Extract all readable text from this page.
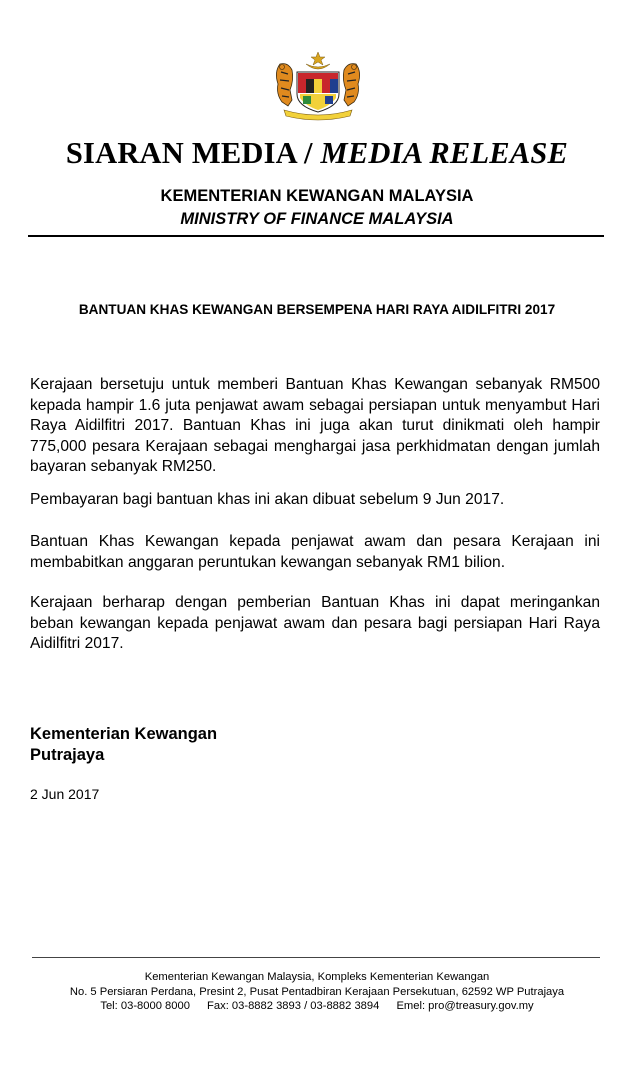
SIARAN MEDIA / MEDIA RELEASE
KEMENTERIAN KEWANGAN MALAYSIA
MINISTRY OF FINANCE MALAYSIA
BANTUAN KHAS KEWANGAN BERSEMPENA HARI RAYA AIDILFITRI 2017

Kerajaan bersetuju untuk memberi Bantuan Khas Kewangan sebanyak RM500 kepada hampir 1.6 juta penjawat awam sebagai persiapan untuk menyambut Hari Raya Aidilfitri 2017. Bantuan Khas ini juga akan turut dinikmati oleh hampir 775,000 pesara Kerajaan sebagai menghargai jasa perkhidmatan dengan jumlah bayaran sebanyak RM250.

Pembayaran bagi bantuan khas ini akan dibuat sebelum 9 Jun 2017.

Bantuan Khas Kewangan kepada penjawat awam dan pesara Kerajaan ini membabitkan anggaran peruntukan kewangan sebanyak RM1 bilion.

Kerajaan berharap dengan pemberian Bantuan Khas ini dapat meringankan beban kewangan kepada penjawat awam dan pesara bagi persiapan Hari Raya Aidilfitri 2017.

Kementerian Kewangan
Putrajaya
2 Jun 2017
Kementerian Kewangan Malaysia, Kompleks Kementerian Kewangan
No. 5 Persiaran Perdana, Presint 2, Pusat Pentadbiran Kerajaan Persekutuan, 62592 WP Putrajaya
Tel: 03-8000 8000 Fax: 03-8882 3893 / 03-8882 3894 Emel: pro@treasury.gov.my
